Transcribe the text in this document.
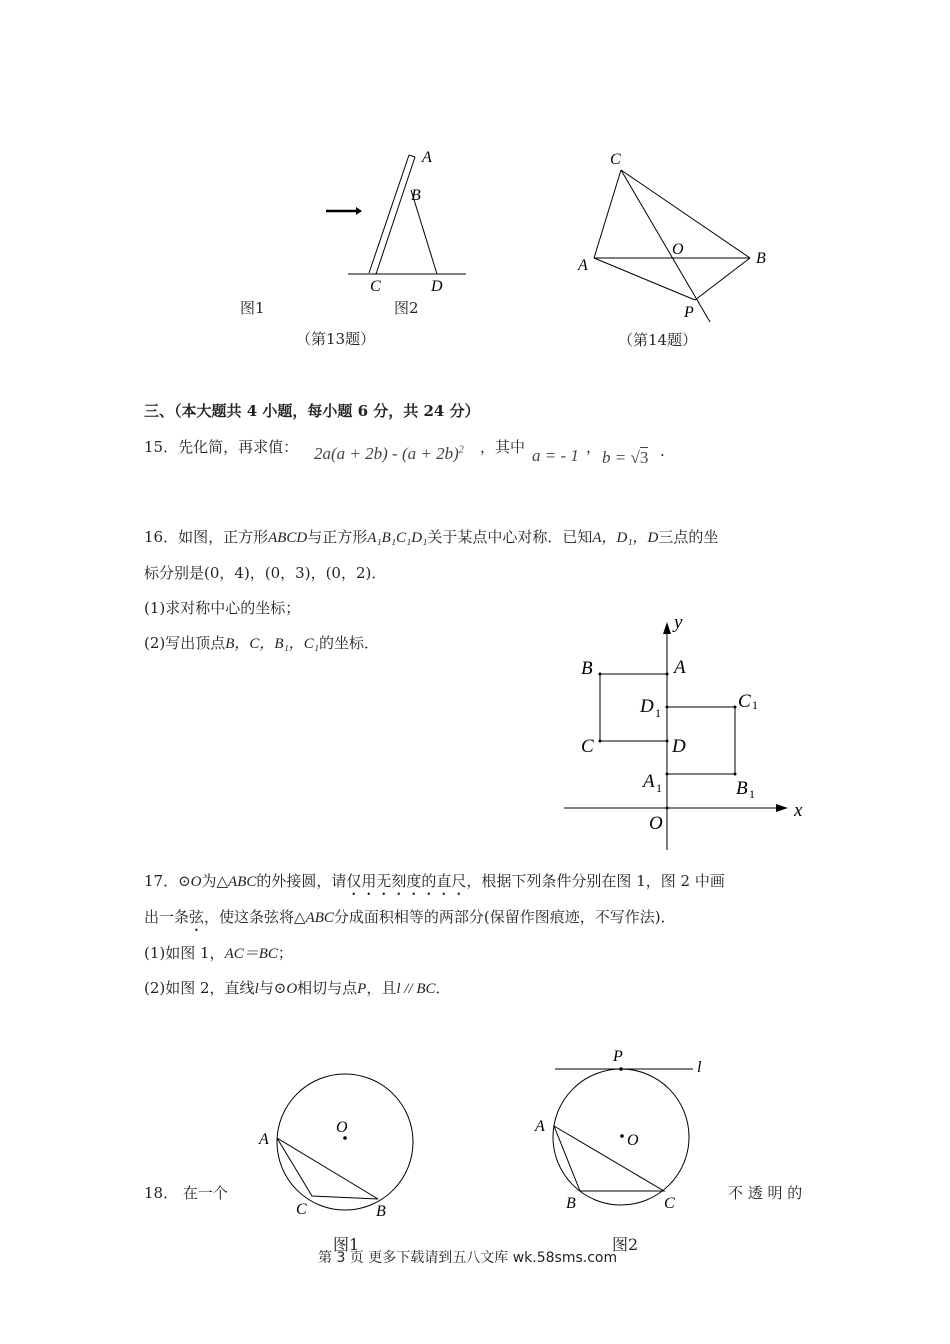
A
B
C	D
图1	图2
（第13题）
C
A	B
O
P
（第14题）
三、（本大题共 4 小题，每小题 6 分，共 24 分）
15．先化简，再求值： $2a(a + 2b) - (a + 2b)^2$ ，其中 a = - 1 ，
b = √3 .
16．如图，正方形ABCD与正方形A₁B₁C₁D₁关于某点中心对称．已知A，D₁，D三点的坐
标分别是(0，4)，(0，3)，(0，2)．
(1)求对称中心的坐标；
(2)写出顶点B，C，B₁，C₁的坐标．
y
x
O
A
B
C	D
D 1
C 1
A 1	B 1
17．⊙O为△ABC的外接圆，请仅用无刻度的直尺，根据下列条件分别在图 1，图 2 中画
出一条弦，使这条弦将△ABC分成面积相等的两部分(保留作图痕迹，不写作法)．
(1)如图 1，AC＝BC；
(2)如图 2，直线l与⊙O相切与点P，且l // BC．
O
A
C	B
图1
P
l
O
A
B	C
图2
18． 在一个	不 透 明 的
第 3 页 更多下载请到五八文库 wk.58sms.com
